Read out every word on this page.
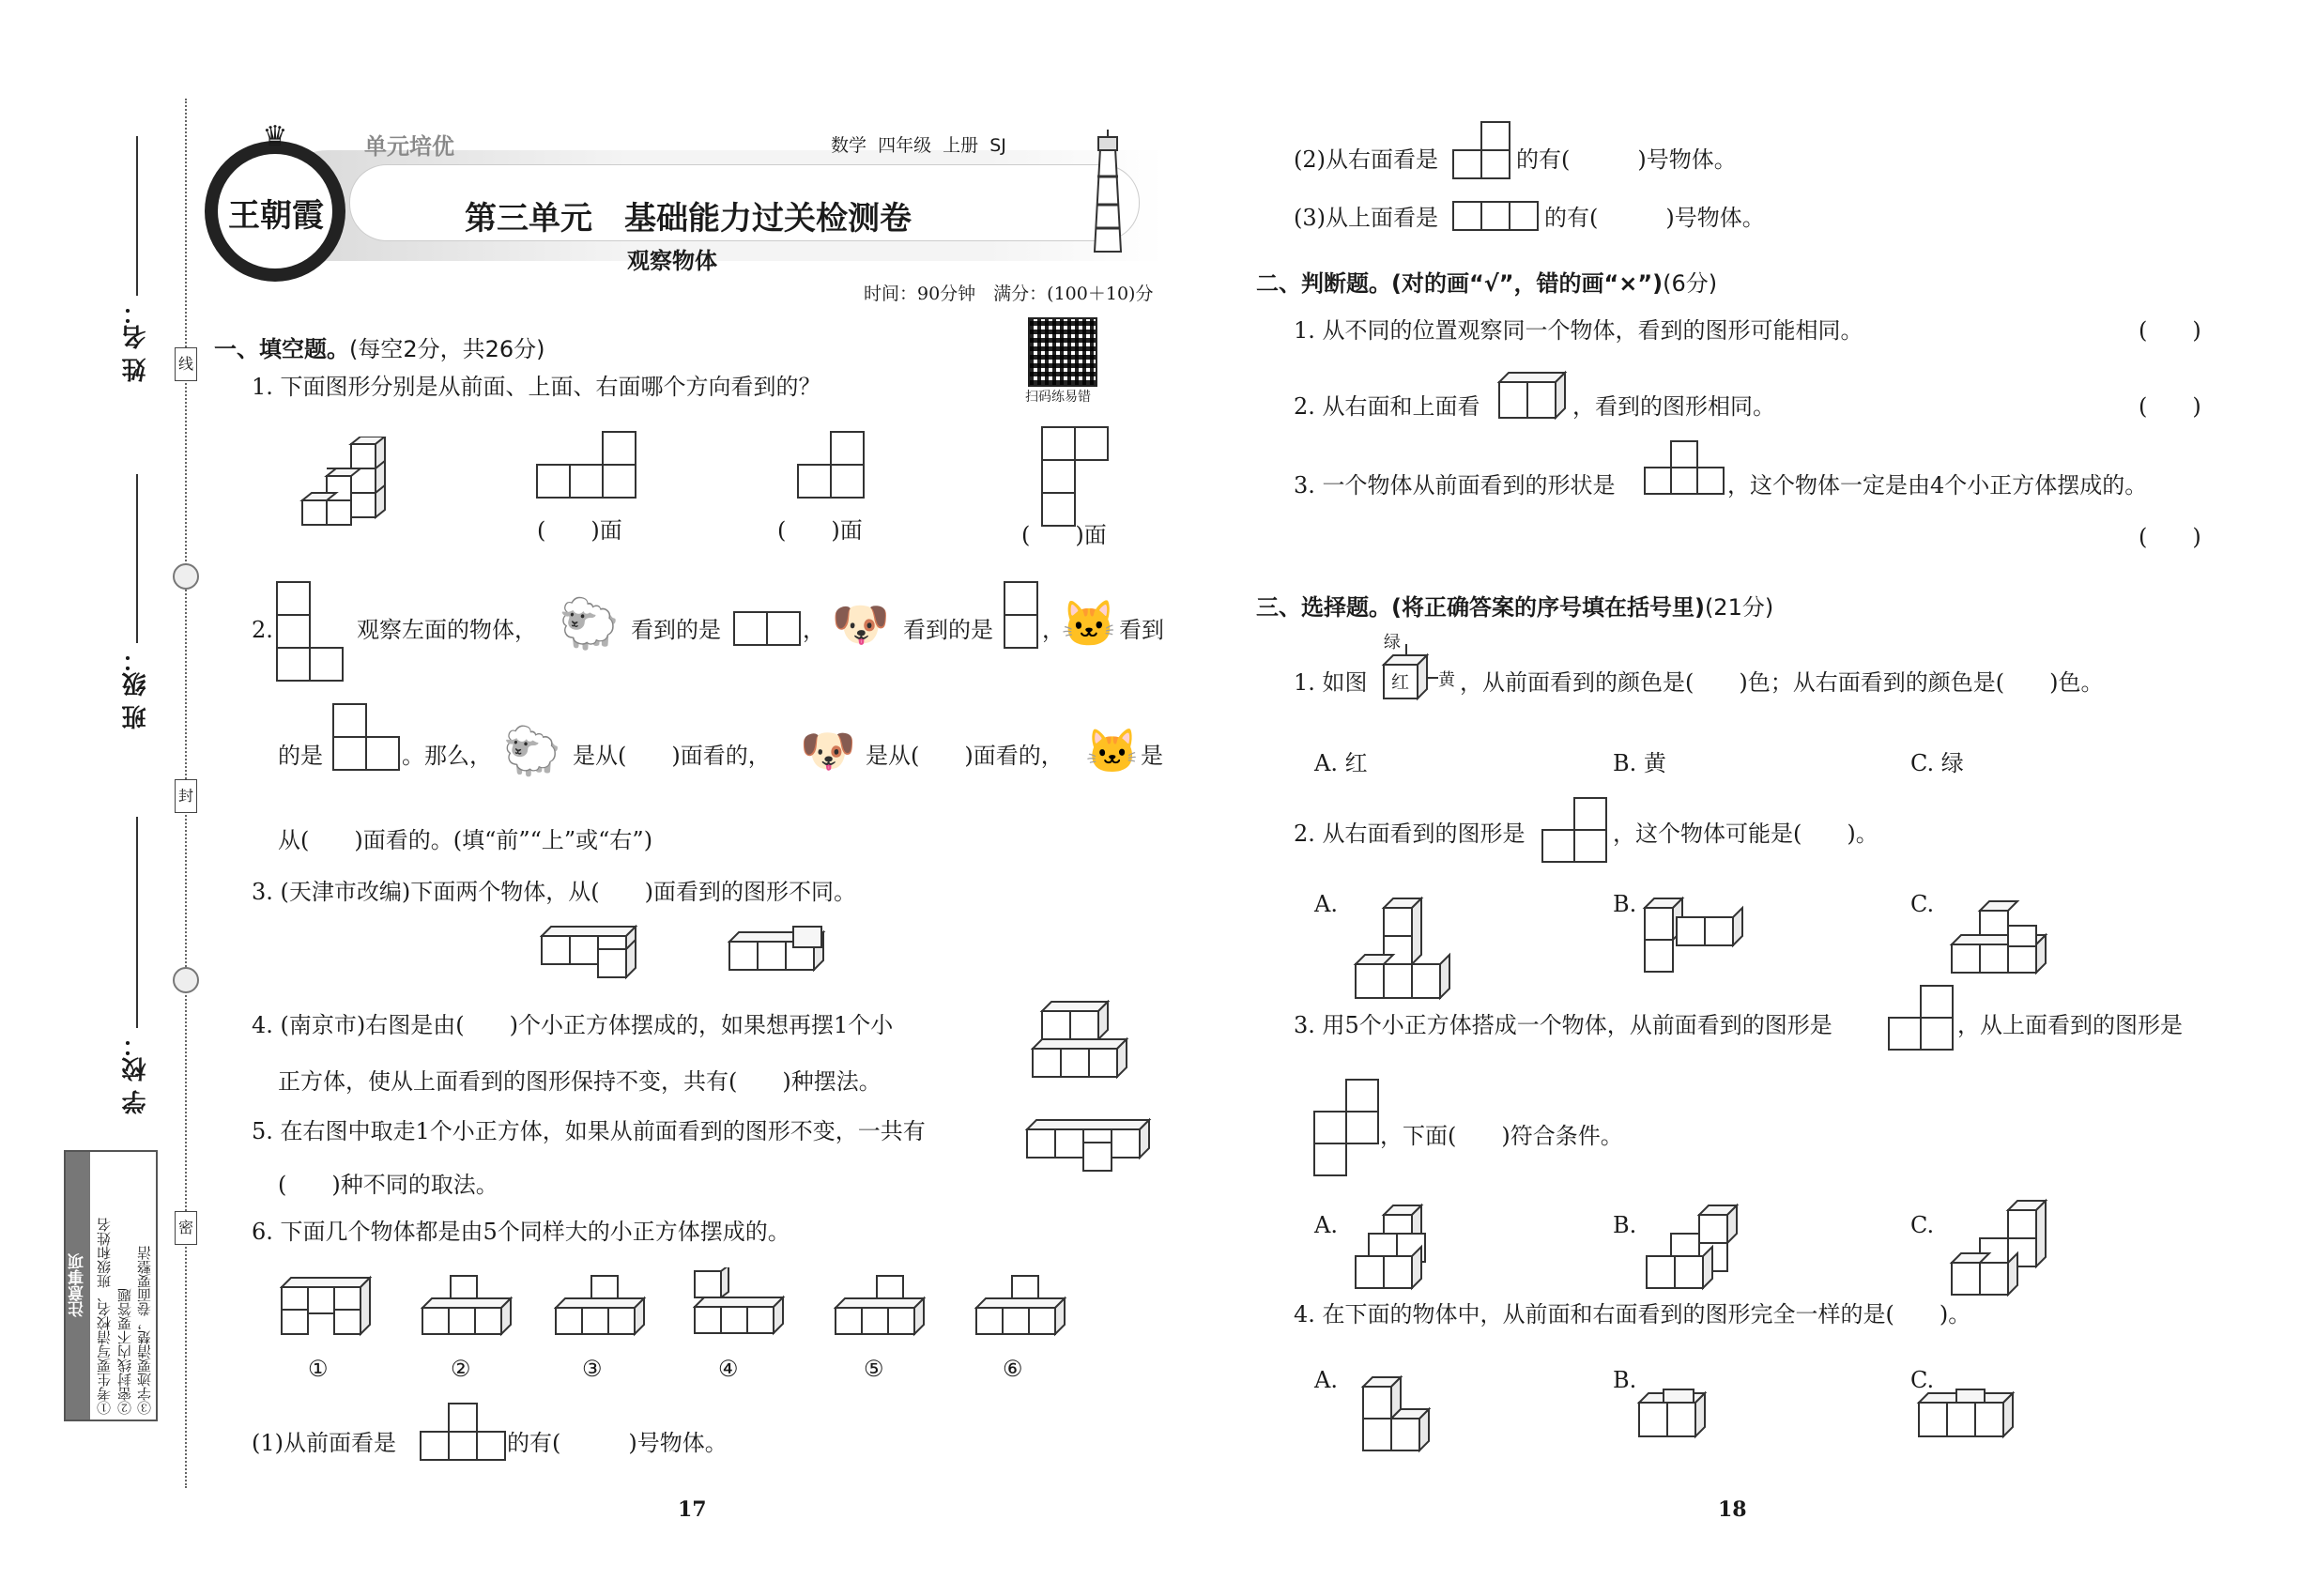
线
封
密
姓 名：
班 级：
学 校：
注意事项 ①考生要写清校名、班级和姓名 ②密封线内不要答题 ③字迹要清楚，卷面要整洁
♛
王朝霞
单元培优	数学  四年级  上册  SJ
第三单元　基础能力过关检测卷
观察物体
时间：90分钟　满分：(100＋10)分
扫码练易错
一、填空题。(每空2分，共26分)
1. 下面图形分别是从前面、上面、右面哪个方向看到的？
(　　)面	(　　)面	(　　)面
2.	观察左面的物体， 🐑 看到的是	， 🐶 看到的是 ，
🐱 看到
的是	。那么， 🐑 是从(　　)面看的， 🐶 是从(　　)面看的， 🐱 是
从(　　)面看的。(填“前”“上”或“右”)
3. (天津市改编)下面两个物体，从(　　)面看到的图形不同。
4. (南京市)右图是由(　　)个小正方体摆成的，如果想再摆1个小
正方体，使从上面看到的图形保持不变，共有(　　)种摆法。
5. 在右图中取走1个小正方体，如果从前面看到的图形不变，一共有
(　　)种不同的取法。
6. 下面几个物体都是由5个同样大的小正方体摆成的。
①	②	③	④	⑤	⑥
(1)从前面看是	的有(　　　)号物体。
17
(2)从右面看是	的有(　　　)号物体。
(3)从上面看是	的有(　　　)号物体。
二、判断题。(对的画“√”，错的画“×”)(6分)
1. 从不同的位置观察同一个物体，看到的图形可能相同。	(　　)
2. 从右面和上面看	，看到的图形相同。	(　　)
3. 一个物体从前面看到的形状是	，这个物体一定是由4个小正方体摆成的。
(　　)
三、选择题。(将正确答案的序号填在括号里)(21分)
1. 如图
绿
红 黄 ，从前面看到的颜色是(　　)色；从右面看到的颜色是(　　)色。
A. 红	B. 黄	C. 绿
2. 从右面看到的图形是	，这个物体可能是(　　)。
A.	B.	C.
3. 用5个小正方体搭成一个物体，从前面看到的图形是	，从上面看到的图形是
，下面(　　)符合条件。
A.	B.	C.
4. 在下面的物体中，从前面和右面看到的图形完全一样的是(　　)。
A.	B.	C.
18
